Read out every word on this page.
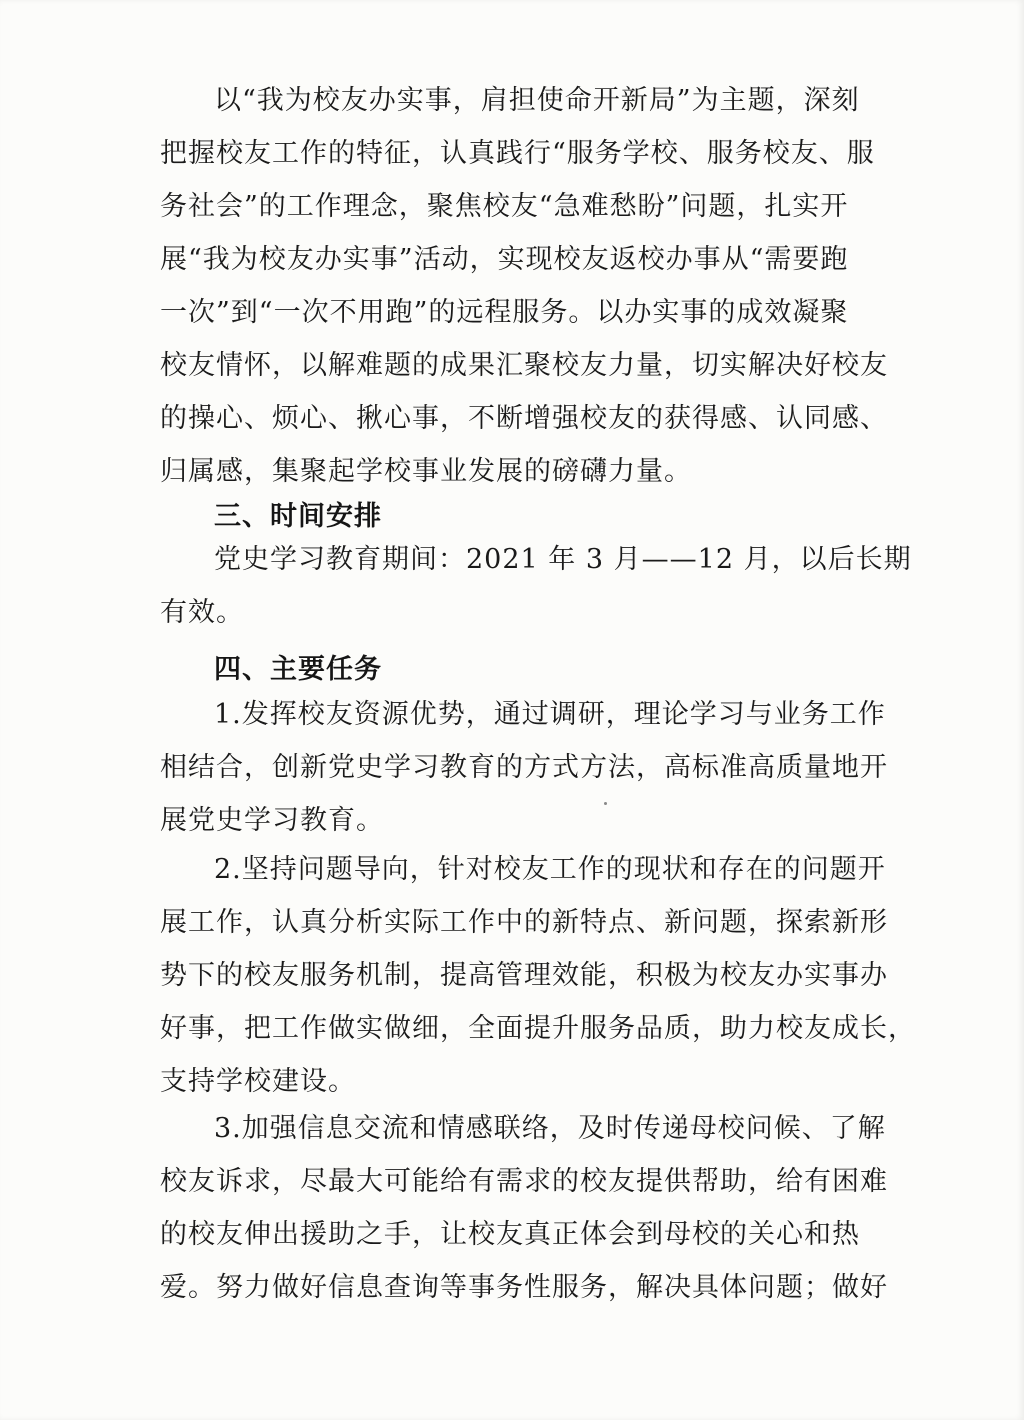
以“我为校友办实事，肩担使命开新局”为主题，深刻
把握校友工作的特征，认真践行“服务学校、服务校友、服
务社会”的工作理念，聚焦校友“急难愁盼”问题，扎实开
展“我为校友办实事”活动，实现校友返校办事从“需要跑
一次”到“一次不用跑”的远程服务。以办实事的成效凝聚
校友情怀，以解难题的成果汇聚校友力量，切实解决好校友
的操心、烦心、揪心事，不断增强校友的获得感、认同感、
归属感，集聚起学校事业发展的磅礴力量。
三、时间安排
党史学习教育期间：2021 年 3 月——12 月，以后长期
有效。
四、主要任务
1.发挥校友资源优势，通过调研，理论学习与业务工作
相结合，创新党史学习教育的方式方法，高标准高质量地开
展党史学习教育。
2.坚持问题导向，针对校友工作的现状和存在的问题开
展工作，认真分析实际工作中的新特点、新问题，探索新形
势下的校友服务机制，提高管理效能，积极为校友办实事办
好事，把工作做实做细，全面提升服务品质，助力校友成长，
支持学校建设。
3.加强信息交流和情感联络，及时传递母校问候、了解
校友诉求，尽最大可能给有需求的校友提供帮助，给有困难
的校友伸出援助之手，让校友真正体会到母校的关心和热
爱。努力做好信息查询等事务性服务，解决具体问题；做好
